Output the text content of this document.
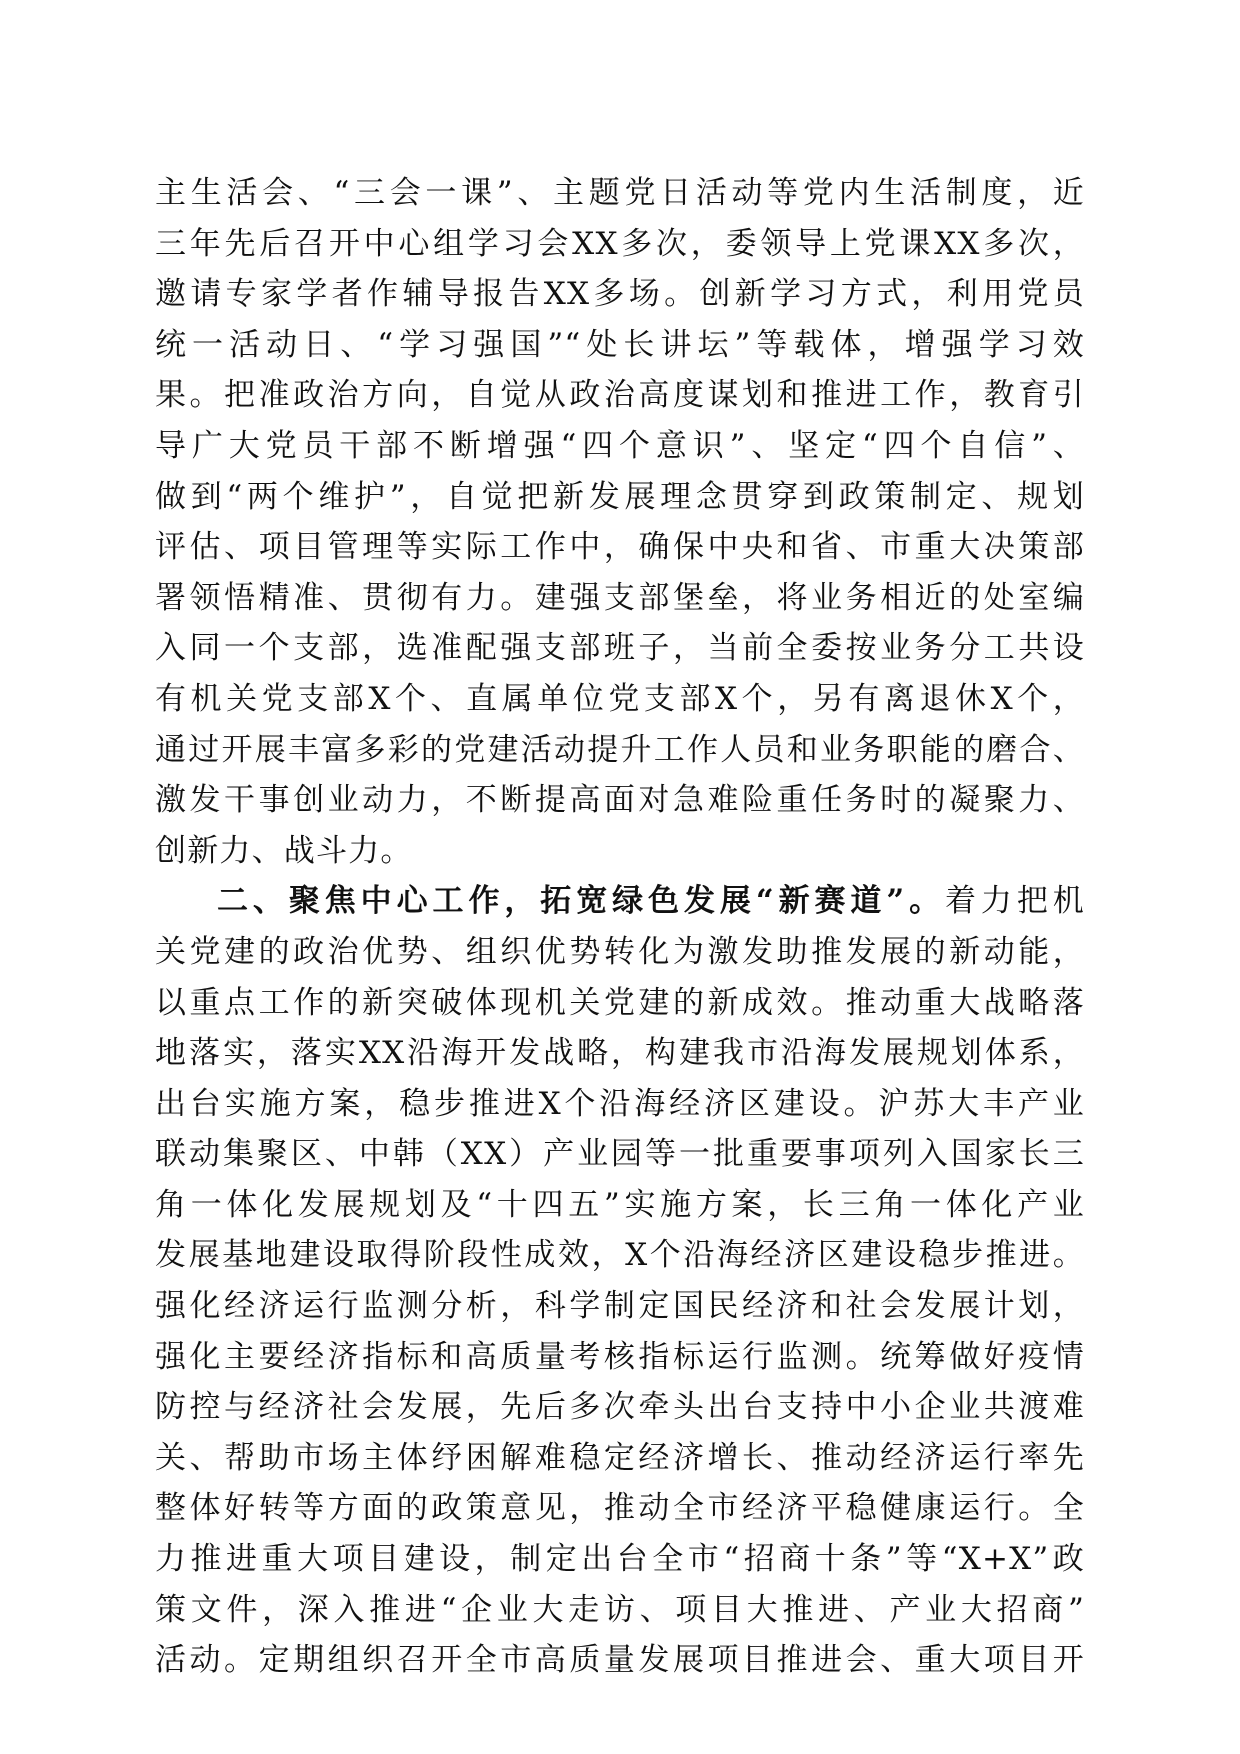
主生活会、“三会一课”、主题党日活动等党内生活制度，近
三年先后召开中心组学习会XX多次，委领导上党课XX多次，
邀请专家学者作辅导报告XX多场。创新学习方式，利用党员
统一活动日、“学习强国”“处长讲坛”等载体，增强学习效
果。把准政治方向，自觉从政治高度谋划和推进工作，教育引
导广大党员干部不断增强“四个意识”、坚定“四个自信”、
做到“两个维护”，自觉把新发展理念贯穿到政策制定、规划
评估、项目管理等实际工作中，确保中央和省、市重大决策部
署领悟精准、贯彻有力。建强支部堡垒，将业务相近的处室编
入同一个支部，选准配强支部班子，当前全委按业务分工共设
有机关党支部X个、直属单位党支部X个，另有离退休X个，
通过开展丰富多彩的党建活动提升工作人员和业务职能的磨合、
激发干事创业动力，不断提高面对急难险重任务时的凝聚力、
创新力、战斗力。
二、聚焦中心工作，拓宽绿色发展“新赛道”。着力把机
关党建的政治优势、组织优势转化为激发助推发展的新动能，
以重点工作的新突破体现机关党建的新成效。推动重大战略落
地落实，落实XX沿海开发战略，构建我市沿海发展规划体系，
出台实施方案，稳步推进X个沿海经济区建设。沪苏大丰产业
联动集聚区、中韩（XX）产业园等一批重要事项列入国家长三
角一体化发展规划及“十四五”实施方案，长三角一体化产业
发展基地建设取得阶段性成效，X个沿海经济区建设稳步推进。
强化经济运行监测分析，科学制定国民经济和社会发展计划，
强化主要经济指标和高质量考核指标运行监测。统筹做好疫情
防控与经济社会发展，先后多次牵头出台支持中小企业共渡难
关、帮助市场主体纾困解难稳定经济增长、推动经济运行率先
整体好转等方面的政策意见，推动全市经济平稳健康运行。全
力推进重大项目建设，制定出台全市“招商十条”等“X+X”政
策文件，深入推进“企业大走访、项目大推进、产业大招商”
活动。定期组织召开全市高质量发展项目推进会、重大项目开
